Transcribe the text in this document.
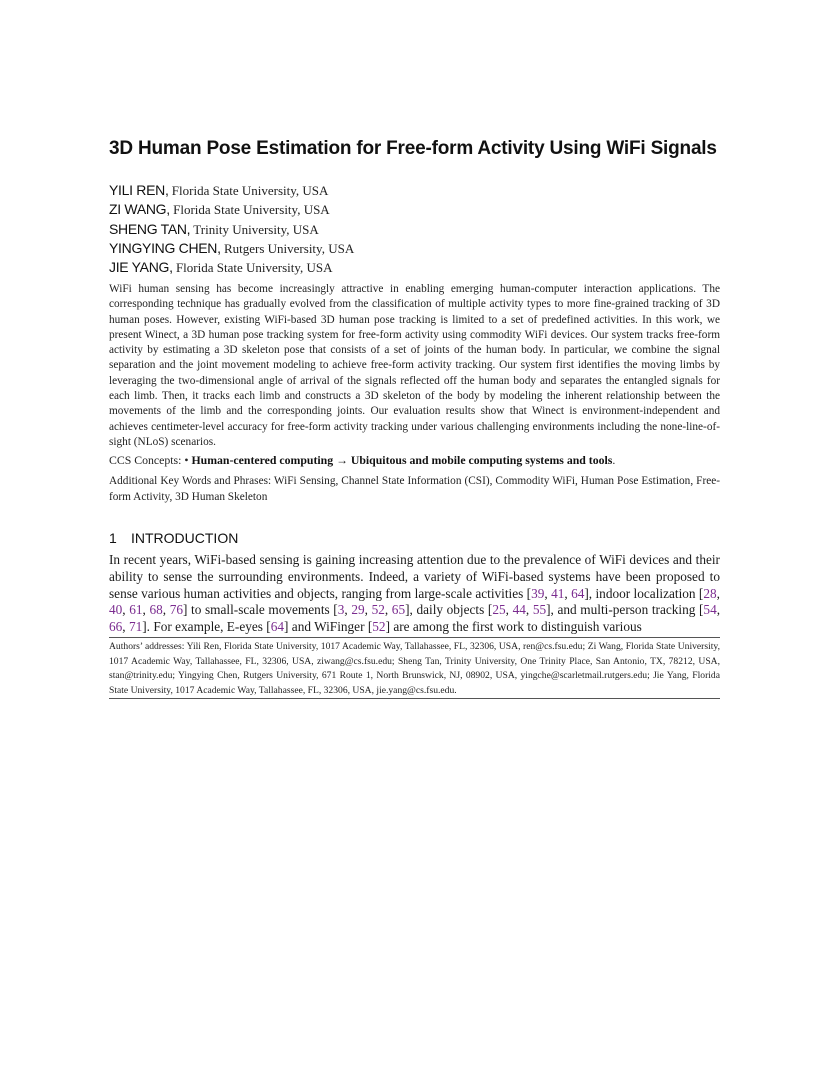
3D Human Pose Estimation for Free-form Activity Using WiFi Signals
YILI REN, Florida State University, USA
ZI WANG, Florida State University, USA
SHENG TAN, Trinity University, USA
YINGYING CHEN, Rutgers University, USA
JIE YANG, Florida State University, USA

WiFi human sensing has become increasingly attractive in enabling emerging human-computer interaction applications. The corresponding technique has gradually evolved from the classification of multiple activity types to more fine-grained tracking of 3D human poses. However, existing WiFi-based 3D human pose tracking is limited to a set of predefined activities. In this work, we present Winect, a 3D human pose tracking system for free-form activity using commodity WiFi devices. Our system tracks free-form activity by estimating a 3D skeleton pose that consists of a set of joints of the human body. In particular, we combine the signal separation and the joint movement modeling to achieve free-form activity tracking. Our system first identifies the moving limbs by leveraging the two-dimensional angle of arrival of the signals reflected off the human body and separates the entangled signals for each limb. Then, it tracks each limb and constructs a 3D skeleton of the body by modeling the inherent relationship between the movements of the limb and the corresponding joints. Our evaluation results show that Winect is environment-independent and achieves centimeter-level accuracy for free-form activity tracking under various challenging environments including the none-line-of-sight (NLoS) scenarios.

CCS Concepts: • Human-centered computing → Ubiquitous and mobile computing systems and tools.

Additional Key Words and Phrases: WiFi Sensing, Channel State Information (CSI), Commodity WiFi, Human Pose Estimation, Free-form Activity, 3D Human Skeleton

1 INTRODUCTION

In recent years, WiFi-based sensing is gaining increasing attention due to the prevalence of WiFi devices and their ability to sense the surrounding environments. Indeed, a variety of WiFi-based systems have been proposed to sense various human activities and objects, ranging from large-scale activities [39, 41, 64], indoor localization [28, 40, 61, 68, 76] to small-scale movements [3, 29, 52, 65], daily objects [25, 44, 55], and multi-person tracking [54, 66, 71]. For example, E-eyes [64] and WiFinger [52] are among the first work to distinguish various

Authors’ addresses: Yili Ren, Florida State University, 1017 Academic Way, Tallahassee, FL, 32306, USA, ren@cs.fsu.edu; Zi Wang, Florida State University, 1017 Academic Way, Tallahassee, FL, 32306, USA, ziwang@cs.fsu.edu; Sheng Tan, Trinity University, One Trinity Place, San Antonio, TX, 78212, USA, stan@trinity.edu; Yingying Chen, Rutgers University, 671 Route 1, North Brunswick, NJ, 08902, USA, yingche@scarletmail.rutgers.edu; Jie Yang, Florida State University, 1017 Academic Way, Tallahassee, FL, 32306, USA, jie.yang@cs.fsu.edu.
